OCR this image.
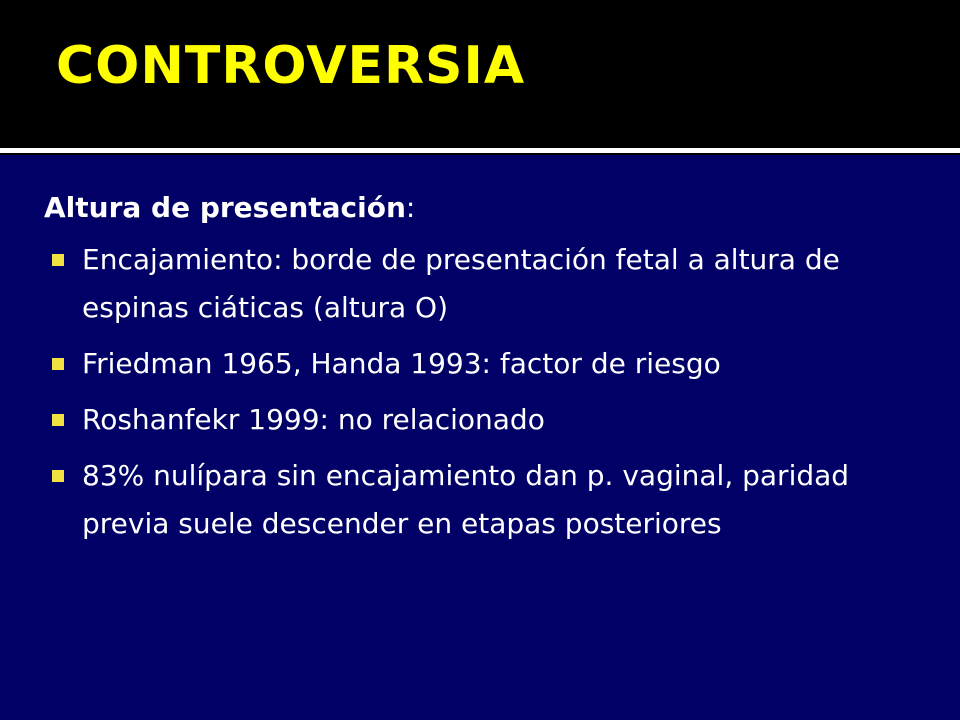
CONTROVERSIA

Altura de presentación:

Encajamiento: borde de presentación fetal a altura de espinas ciáticas (altura O)
Friedman 1965, Handa 1993: factor de riesgo
Roshanfekr 1999: no relacionado
83% nulípara sin encajamiento dan p. vaginal, paridad previa suele descender en etapas posteriores
